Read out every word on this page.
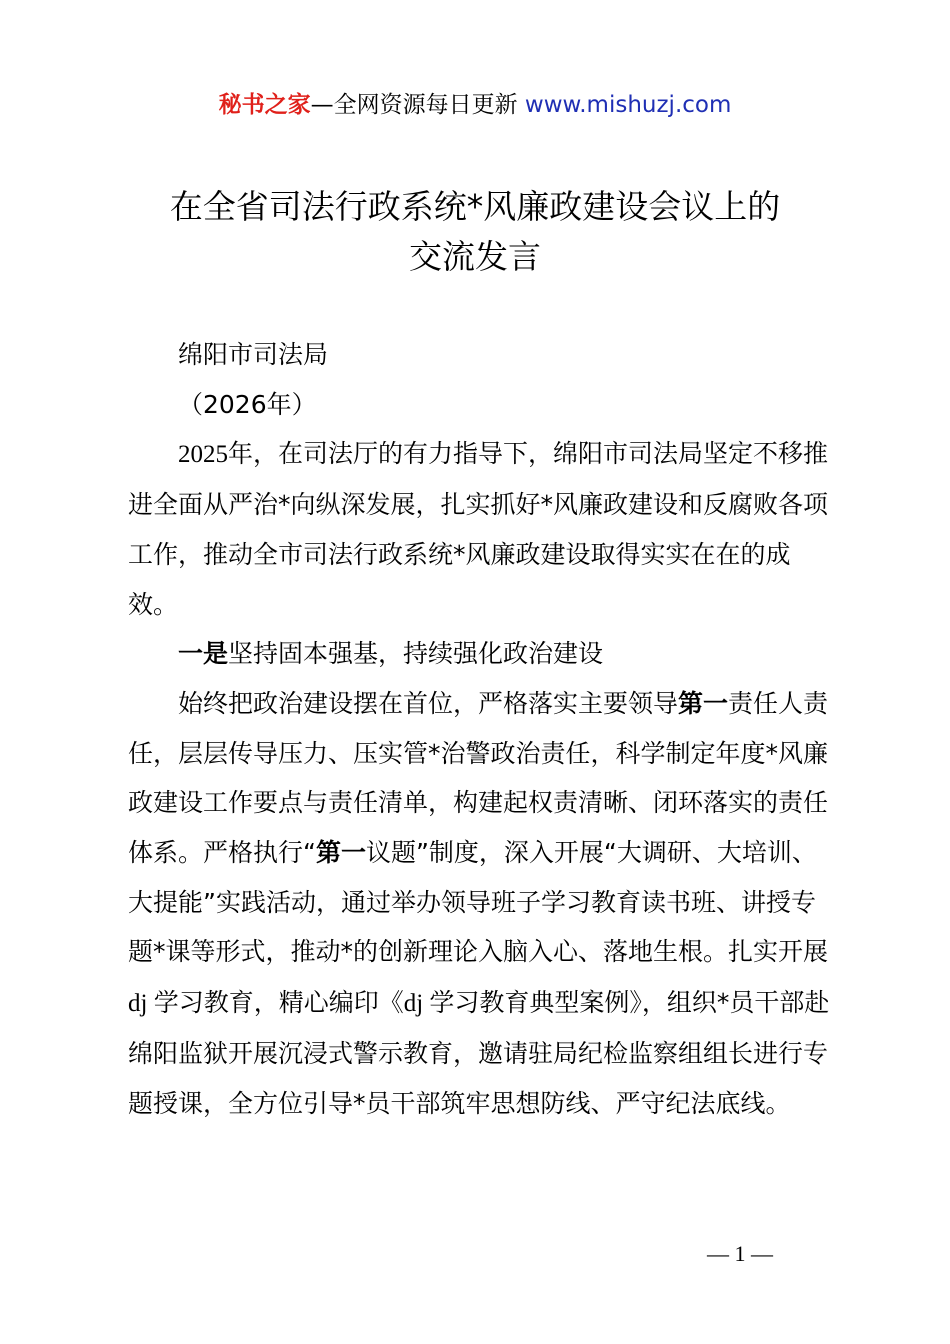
秘书之家—全网资源每日更新 www.mishuzj.com
在全省司法行政系统*风廉政建设会议上的
交流发言

绵阳市司法局

（2026年）

2025年，在司法厅的有力指导下，绵阳市司法局坚定不移推进全面从严治*向纵深发展，扎实抓好*风廉政建设和反腐败各项工作，推动全市司法行政系统*风廉政建设取得实实在在的成效。

一是坚持固本强基，持续强化政治建设

始终把政治建设摆在首位，严格落实主要领导第一责任人责任，层层传导压力、压实管*治警政治责任，科学制定年度*风廉政建设工作要点与责任清单，构建起权责清晰、闭环落实的责任体系。严格执行“第一议题”制度，深入开展“大调研、大培训、大提能”实践活动，通过举办领导班子学习教育读书班、讲授专题*课等形式，推动*的创新理论入脑入心、落地生根。扎实开展 dj 学习教育，精心编印《dj 学习教育典型案例》，组织*员干部赴绵阳监狱开展沉浸式警示教育，邀请驻局纪检监察组组长进行专题授课，全方位引导*员干部筑牢思想防线、严守纪法底线。

— 1 —
